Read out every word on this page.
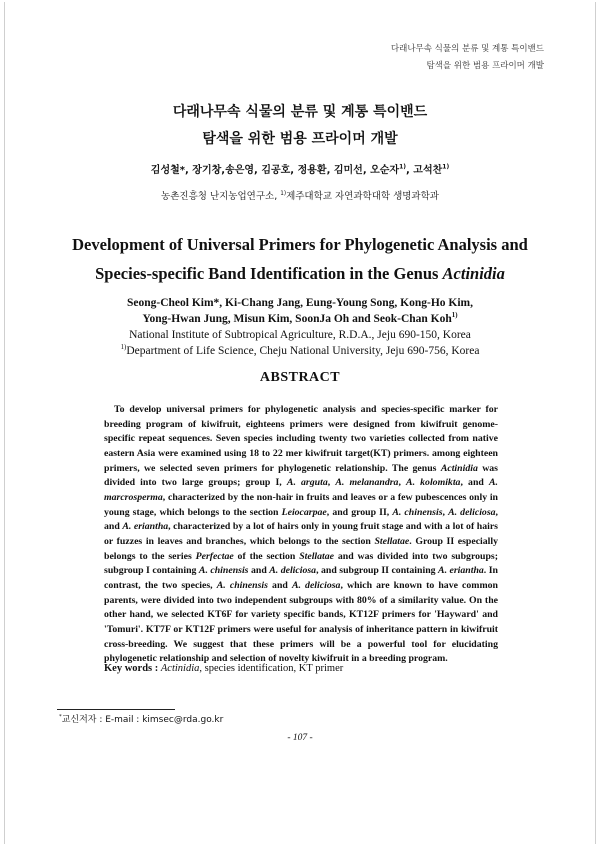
다래나무속 식물의 분류 및 계통 특이밴드
탐색을 위한 범용 프라이머 개발
다래나무속 식물의 분류 및 계통 특이밴드
탐색을 위한 범용 프라이머 개발
김성철*, 장기창,송은영, 김공호, 정용환, 김미선, 오순자$^{1)}$, 고석찬$^{1)}$
농촌진흥청 난지농업연구소, $^{1)}$제주대학교 자연과학대학 생명과학과
Development of Universal Primers for Phylogenetic Analysis and
Species-specific Band Identification in the Genus Actinidia
Seong-Cheol Kim*, Ki-Chang Jang, Eung-Young Song, Kong-Ho Kim,
Yong-Hwan Jung, Misun Kim, SoonJa Oh and Seok-Chan Koh$^{1)}$
National Institute of Subtropical Agriculture, R.D.A., Jeju 690-150, Korea
$^{1)}$Department of Life Science, Cheju National University, Jeju 690-756, Korea
ABSTRACT
To develop universal primers for phylogenetic analysis and species-specific marker for breeding program of kiwifruit, eighteens primers were designed from kiwifruit genome-specific repeat sequences. Seven species including twenty two varieties collected from native eastern Asia were examined using 18 to 22 mer kiwifruit target(KT) primers. among eighteen primers, we selected seven primers for phylogenetic relationship. The genus Actinidia was divided into two large groups; group I, A. arguta, A. melanandra, A. kolomikta, and A. marcrosperma, characterized by the non-hair in fruits and leaves or a few pubescences only in young stage, which belongs to the section Leiocarpae, and group II, A. chinensis, A. deliciosa, and A. eriantha, characterized by a lot of hairs only in young fruit stage and with a lot of hairs or fuzzes in leaves and branches, which belongs to the section Stellatae. Group II especially belongs to the series Perfectae of the section Stellatae and was divided into two subgroups; subgroup I containing A. chinensis and A. deliciosa, and subgroup II containing A. eriantha. In contrast, the two species, A. chinensis and A. deliciosa, which are known to have common parents, were divided into two independent subgroups with 80% of a similarity value. On the other hand, we selected KT6F for variety specific bands, KT12F primers for 'Hayward' and 'Tomuri'. KT7F or KT12F primers were useful for analysis of inheritance pattern in kiwifruit cross-breeding. We suggest that these primers will be a powerful tool for elucidating phylogenetic relationship and selection of novelty kiwifruit in a breeding program.
Key words : Actinidia, species identification, KT primer
*교신저자 : E-mail : kimsec@rda.go.kr
- 107 -
